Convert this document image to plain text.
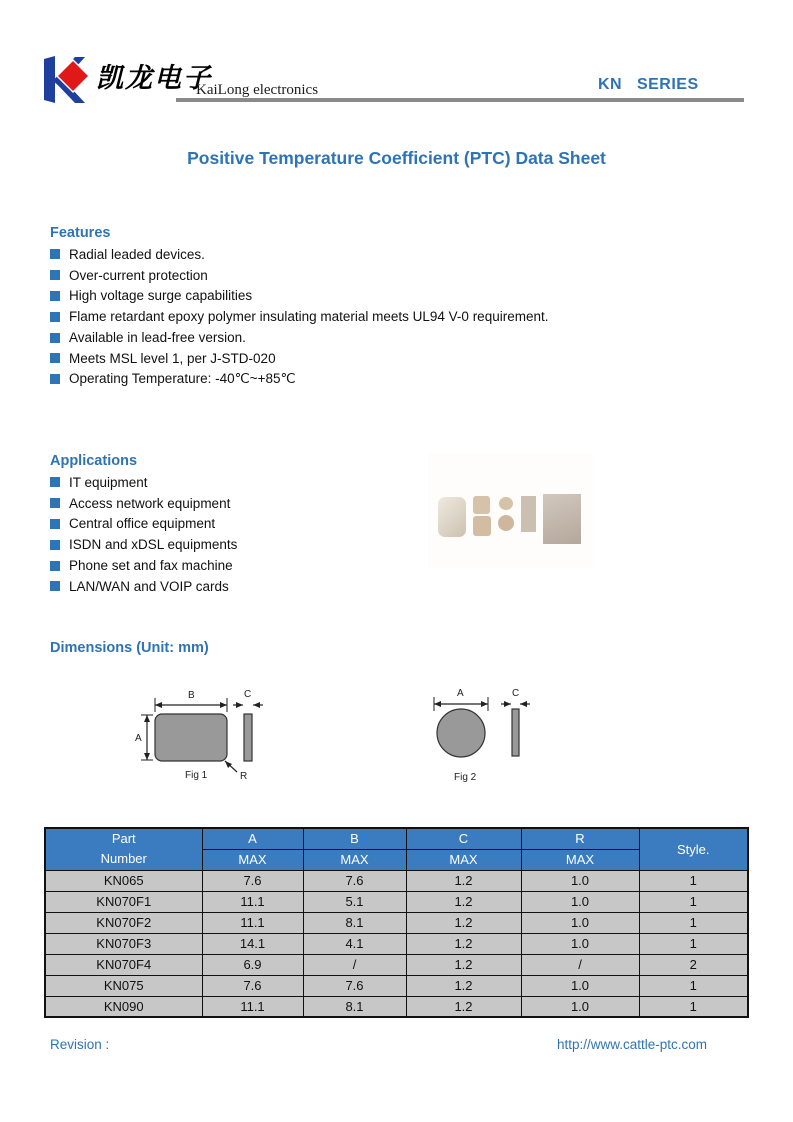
凯龙电子
KaiLong electronics	KN   SERIES
Positive Temperature Coefficient (PTC) Data Sheet
Features
Radial leaded devices.
Over-current protection
High voltage surge capabilities
Flame retardant epoxy polymer insulating material meets UL94 V-0 requirement.
Available in lead-free version.
Meets MSL level 1, per J-STD-020
Operating Temperature: -40℃~+85℃
Applications
IT equipment
Access network equipment
Central office equipment
ISDN and xDSL equipments
Phone set and fax machine
LAN/WAN and VOIP cards
Dimensions (Unit: mm)
B
A
C
R
Fig 1
A	C
Fig 2
Part
Number	A	B	C	R	Style.
	MAX	MAX	MAX	MAX	
KN065	7.6	7.6	1.2	1.0	1
KN070F1	11.1	5.1	1.2	1.0	1
KN070F2	11.1	8.1	1.2	1.0	1
KN070F3	14.1	4.1	1.2	1.0	1
KN070F4	6.9	/	1.2	/	2
KN075	7.6	7.6	1.2	1.0	1
KN090	11.1	8.1	1.2	1.0	1
Revision :	http://www.cattle-ptc.com
